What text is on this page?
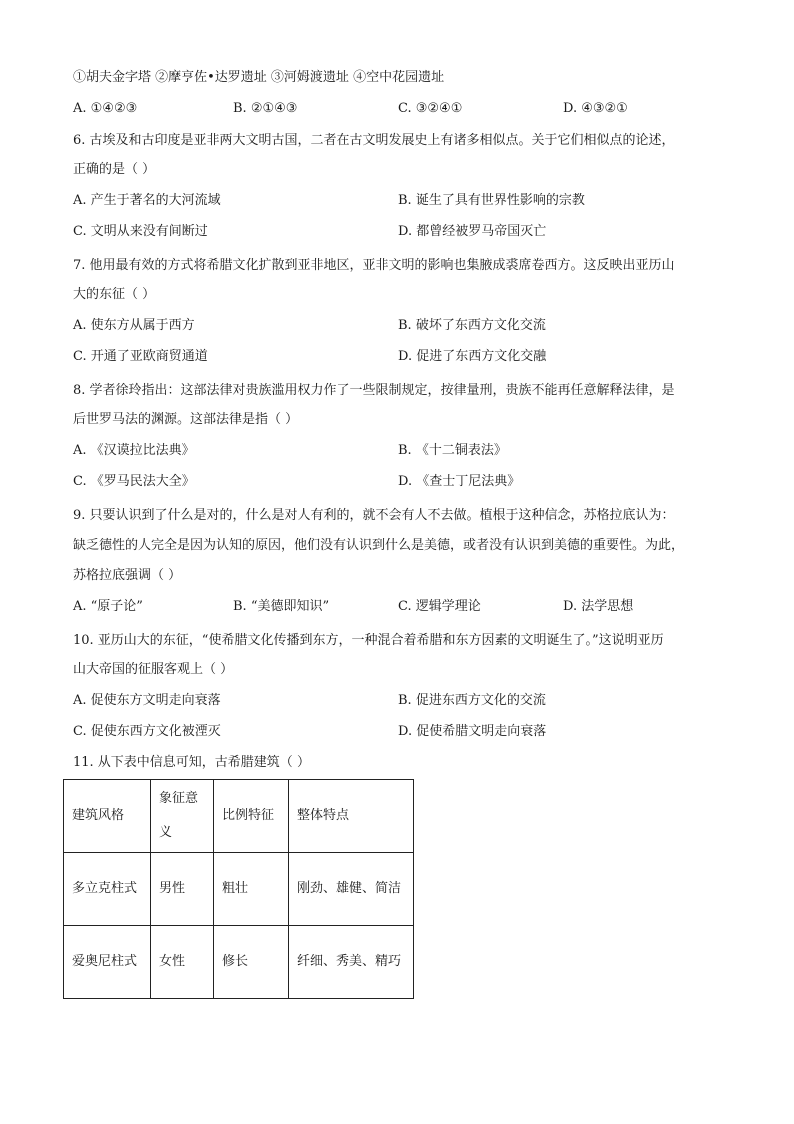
①胡夫金字塔 ②摩亨佐•达罗遗址 ③河姆渡遗址 ④空中花园遗址
A. ①④②③	B. ②①④③	C. ③②④①	D. ④③②①
6. 古埃及和古印度是亚非两大文明古国，二者在古文明发展史上有诸多相似点。关于它们相似点的论述，
正确的是（ ）
A. 产生于著名的大河流域	B. 诞生了具有世界性影响的宗教
C. 文明从来没有间断过	D. 都曾经被罗马帝国灭亡
7. 他用最有效的方式将希腊文化扩散到亚非地区，亚非文明的影响也集腋成裘席卷西方。这反映出亚历山
大的东征（ ）
A. 使东方从属于西方	B. 破坏了东西方文化交流
C. 开通了亚欧商贸通道	D. 促进了东西方文化交融
8. 学者徐玲指出：这部法律对贵族滥用权力作了一些限制规定，按律量刑，贵族不能再任意解释法律，是
后世罗马法的渊源。这部法律是指（ ）
A. 《汉谟拉比法典》	B. 《十二铜表法》
C. 《罗马民法大全》	D. 《查士丁尼法典》
9. 只要认识到了什么是对的，什么是对人有利的，就不会有人不去做。植根于这种信念，苏格拉底认为：
缺乏德性的人完全是因为认知的原因，他们没有认识到什么是美德，或者没有认识到美德的重要性。为此，
苏格拉底强调（ ）
A. “原子论”	B. “美德即知识”	C. 逻辑学理论	D. 法学思想
10. 亚历山大的东征，“使希腊文化传播到东方，一种混合着希腊和东方因素的文明诞生了。”这说明亚历
山大帝国的征服客观上（ ）
A. 促使东方文明走向衰落	B. 促进东西方文化的交流
C. 促使东西方文化被湮灭	D. 促使希腊文明走向衰落
11. 从下表中信息可知，古希腊建筑（ ）
建筑风格	象征意义	比例特征	整体特点
多立克柱式	男性	粗壮	刚劲、雄健、简洁
爱奥尼柱式	女性	修长	纤细、秀美、精巧
